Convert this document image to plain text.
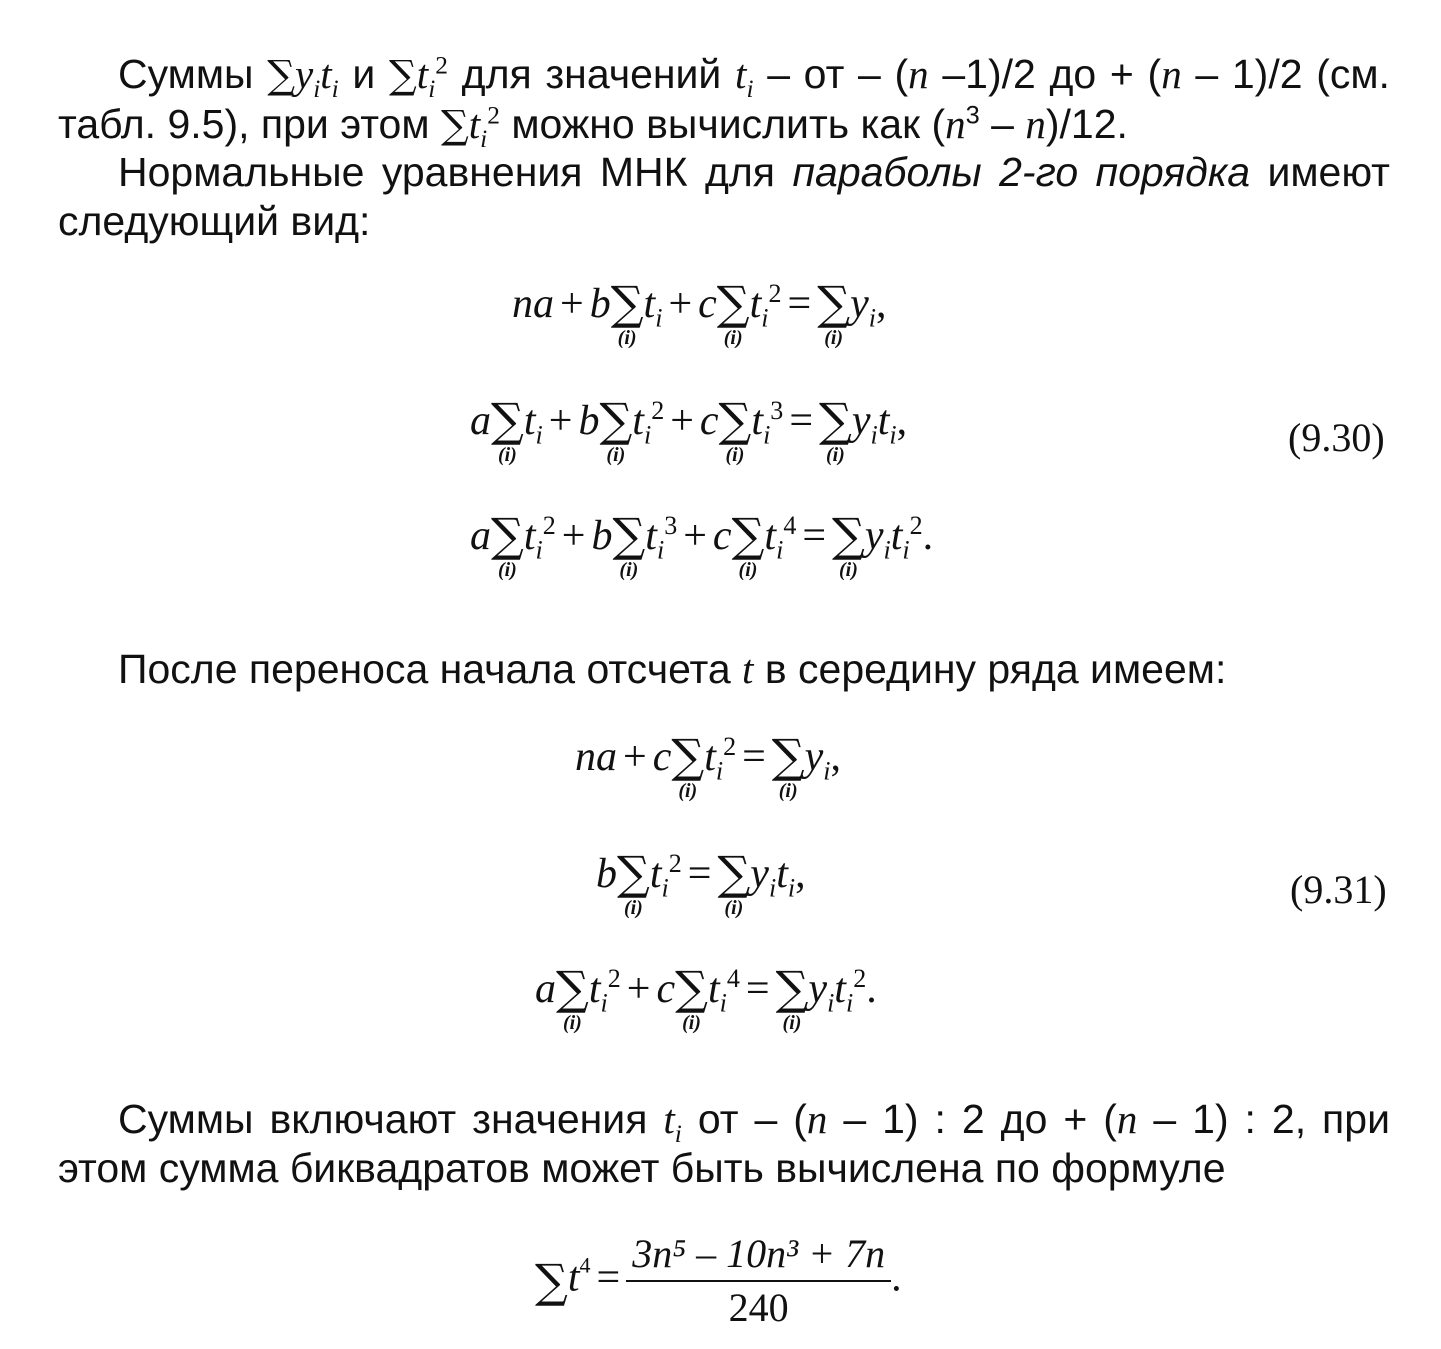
Суммы $\sum y_it_i$ и $\sum t_i^2$ для значений $t_i$ – от – (n –1)/2 до + (n – 1)/2 (см. табл. 9.5), при этом $\sum t_i^2$ можно вычислить как $(n^3 - n)/12$.
Нормальные уравнения МНК для параболы 2-го порядка имеют следующий вид:
na + b ∑
(i)
$t_i + c$ ∑
(i)
$t_i^2$ = ∑
(i)
$y_i$,
a ∑
(i)
$t_i + b$ ∑
(i)
$t_i^2 + c$ ∑
(i)
$t_i^3$ = ∑
(i)
$y_it_i$,	(9.30)
a ∑
(i)
$t_i^2 + b$ ∑
(i)
$t_i^3 + c$ ∑
(i)
$t_i^4$ = ∑
(i)
$y_it_i^2$.
После переноса начала отсчета t в середину ряда имеем:
na + c ∑
(i)
$t_i^2$ = ∑
(i)
$y_i$,
b ∑
(i)
$t_i^2$ = ∑
(i)
$y_it_i$,	(9.31)
a ∑
(i)
$t_i^2 + c$ ∑
(i)
$t_i^4$ = ∑
(i)
$y_it_i^2$.
Суммы включают значения $t_i$ от – (n – 1) : 2 до + (n – 1) : 2, при этом сумма биквадратов может быть вычислена по формуле
∑ $t^4 = \frac{\text{3n⁵ – 10n³ + 7n}}{240}$ .
